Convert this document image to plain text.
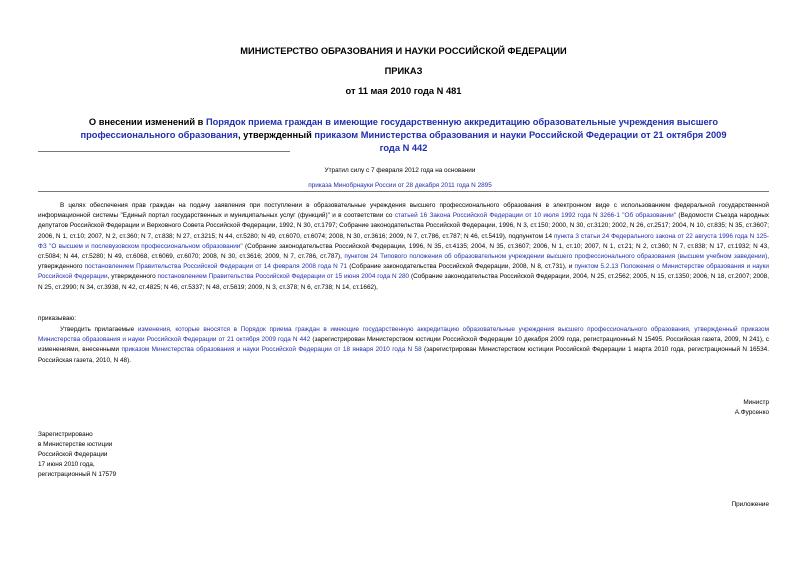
МИНИСТЕРСТВО ОБРАЗОВАНИЯ И НАУКИ РОССИЙСКОЙ ФЕДЕРАЦИИ
ПРИКАЗ
от 11 мая 2010 года N 481
О внесении изменений в Порядок приема граждан в имеющие государственную аккредитацию образовательные учреждения высшего профессионального образования, утвержденный приказом Министерства образования и науки Российской Федерации от 21 октября 2009 года N 442
Утратил силу с 7 февраля 2012 года на основании
приказа Минобрнауки России от 28 декабря 2011 года N 2895
В целях обеспечения прав граждан на подачу заявления при поступлении в образовательные учреждения высшего профессионального образования в электронном виде с использованием федеральной государственной информационной системы "Единый портал государственных и муниципальных услуг (функций)" и в соответствии со статьей 16 Закона Российской Федерации от 10 июля 1992 года N 3266-1 "Об образовании" (Ведомости Съезда народных депутатов Российской Федерации и Верховного Совета Российской Федерации, 1992, N 30, ст.1797; Собрание законодательства Российской Федерации, 1996, N 3, ст.150; 2000, N 30, ст.3120; 2002, N 26, ст.2517; 2004, N 10, ст.835; N 35, ст.3607; 2006, N 1, ст.10; 2007, N 2, ст.360; N 7, ст.838; N 27, ст.3215; N 44, ст.5280; N 49, ст.6070, ст.6074; 2008, N 30, ст.3616; 2009, N 7, ст.786, ст.787; N 46, ст.5419), подпунктом 14 пункта 3 статьи 24 Федерального закона от 22 августа 1996 года N 125-ФЗ "О высшем и послевузовском профессиональном образовании" (Собрание законодательства Российской Федерации, 1996, N 35, ст.4135; 2004, N 35, ст.3607; 2006, N 1, ст.10; 2007, N 1, ст.21; N 2, ст.360; N 7, ст.838; N 17, ст.1932; N 43, ст.5084; N 44, ст.5280; N 49, ст.6068, ст.6069, ст.6070; 2008, N 30, ст.3616; 2009, N 7, ст.786, ст.787), пунктом 24 Типового положения об образовательном учреждении высшего профессионального образования (высшем учебном заведении), утвержденного постановлением Правительства Российской Федерации от 14 февраля 2008 года N 71 (Собрание законодательства Российской Федерации, 2008, N 8, ст.731), и пунктом 5.2.13 Положения о Министерстве образования и науки Российской Федерации, утвержденного постановлением Правительства Российской Федерации от 15 июня 2004 года N 280 (Собрание законодательства Российской Федерации, 2004, N 25, ст.2562; 2005, N 15, ст.1350; 2006, N 18, ст.2007; 2008, N 25, ст.2990; N 34, ст.3938, N 42, ст.4825; N 46, ст.5337; N 48, ст.5619; 2009, N 3, ст.378; N 6, ст.738; N 14, ст.1662),
приказываю:
Утвердить прилагаемые изменения, которые вносятся в Порядок приема граждан в имеющие государственную аккредитацию образовательные учреждения высшего профессионального образования, утвержденный приказом Министерства образования и науки Российской Федерации от 21 октября 2009 года N 442 (зарегистрирован Министерством юстиции Российской Федерации 10 декабря 2009 года, регистрационный N 15495. Российская газета, 2009, N 241), с изменениями, внесенными приказом Министерства образования и науки Российской Федерации от 18 января 2010 года N 58 (зарегистрирован Министерством юстиции Российской Федерации 1 марта 2010 года, регистрационный N 16534. Российская газета, 2010, N 48).
Министр
А.Фурсенко
Зарегистрировано
в Министерстве юстиции
Российской Федерации
17 июня 2010 года,
регистрационный N 17579
Приложение
